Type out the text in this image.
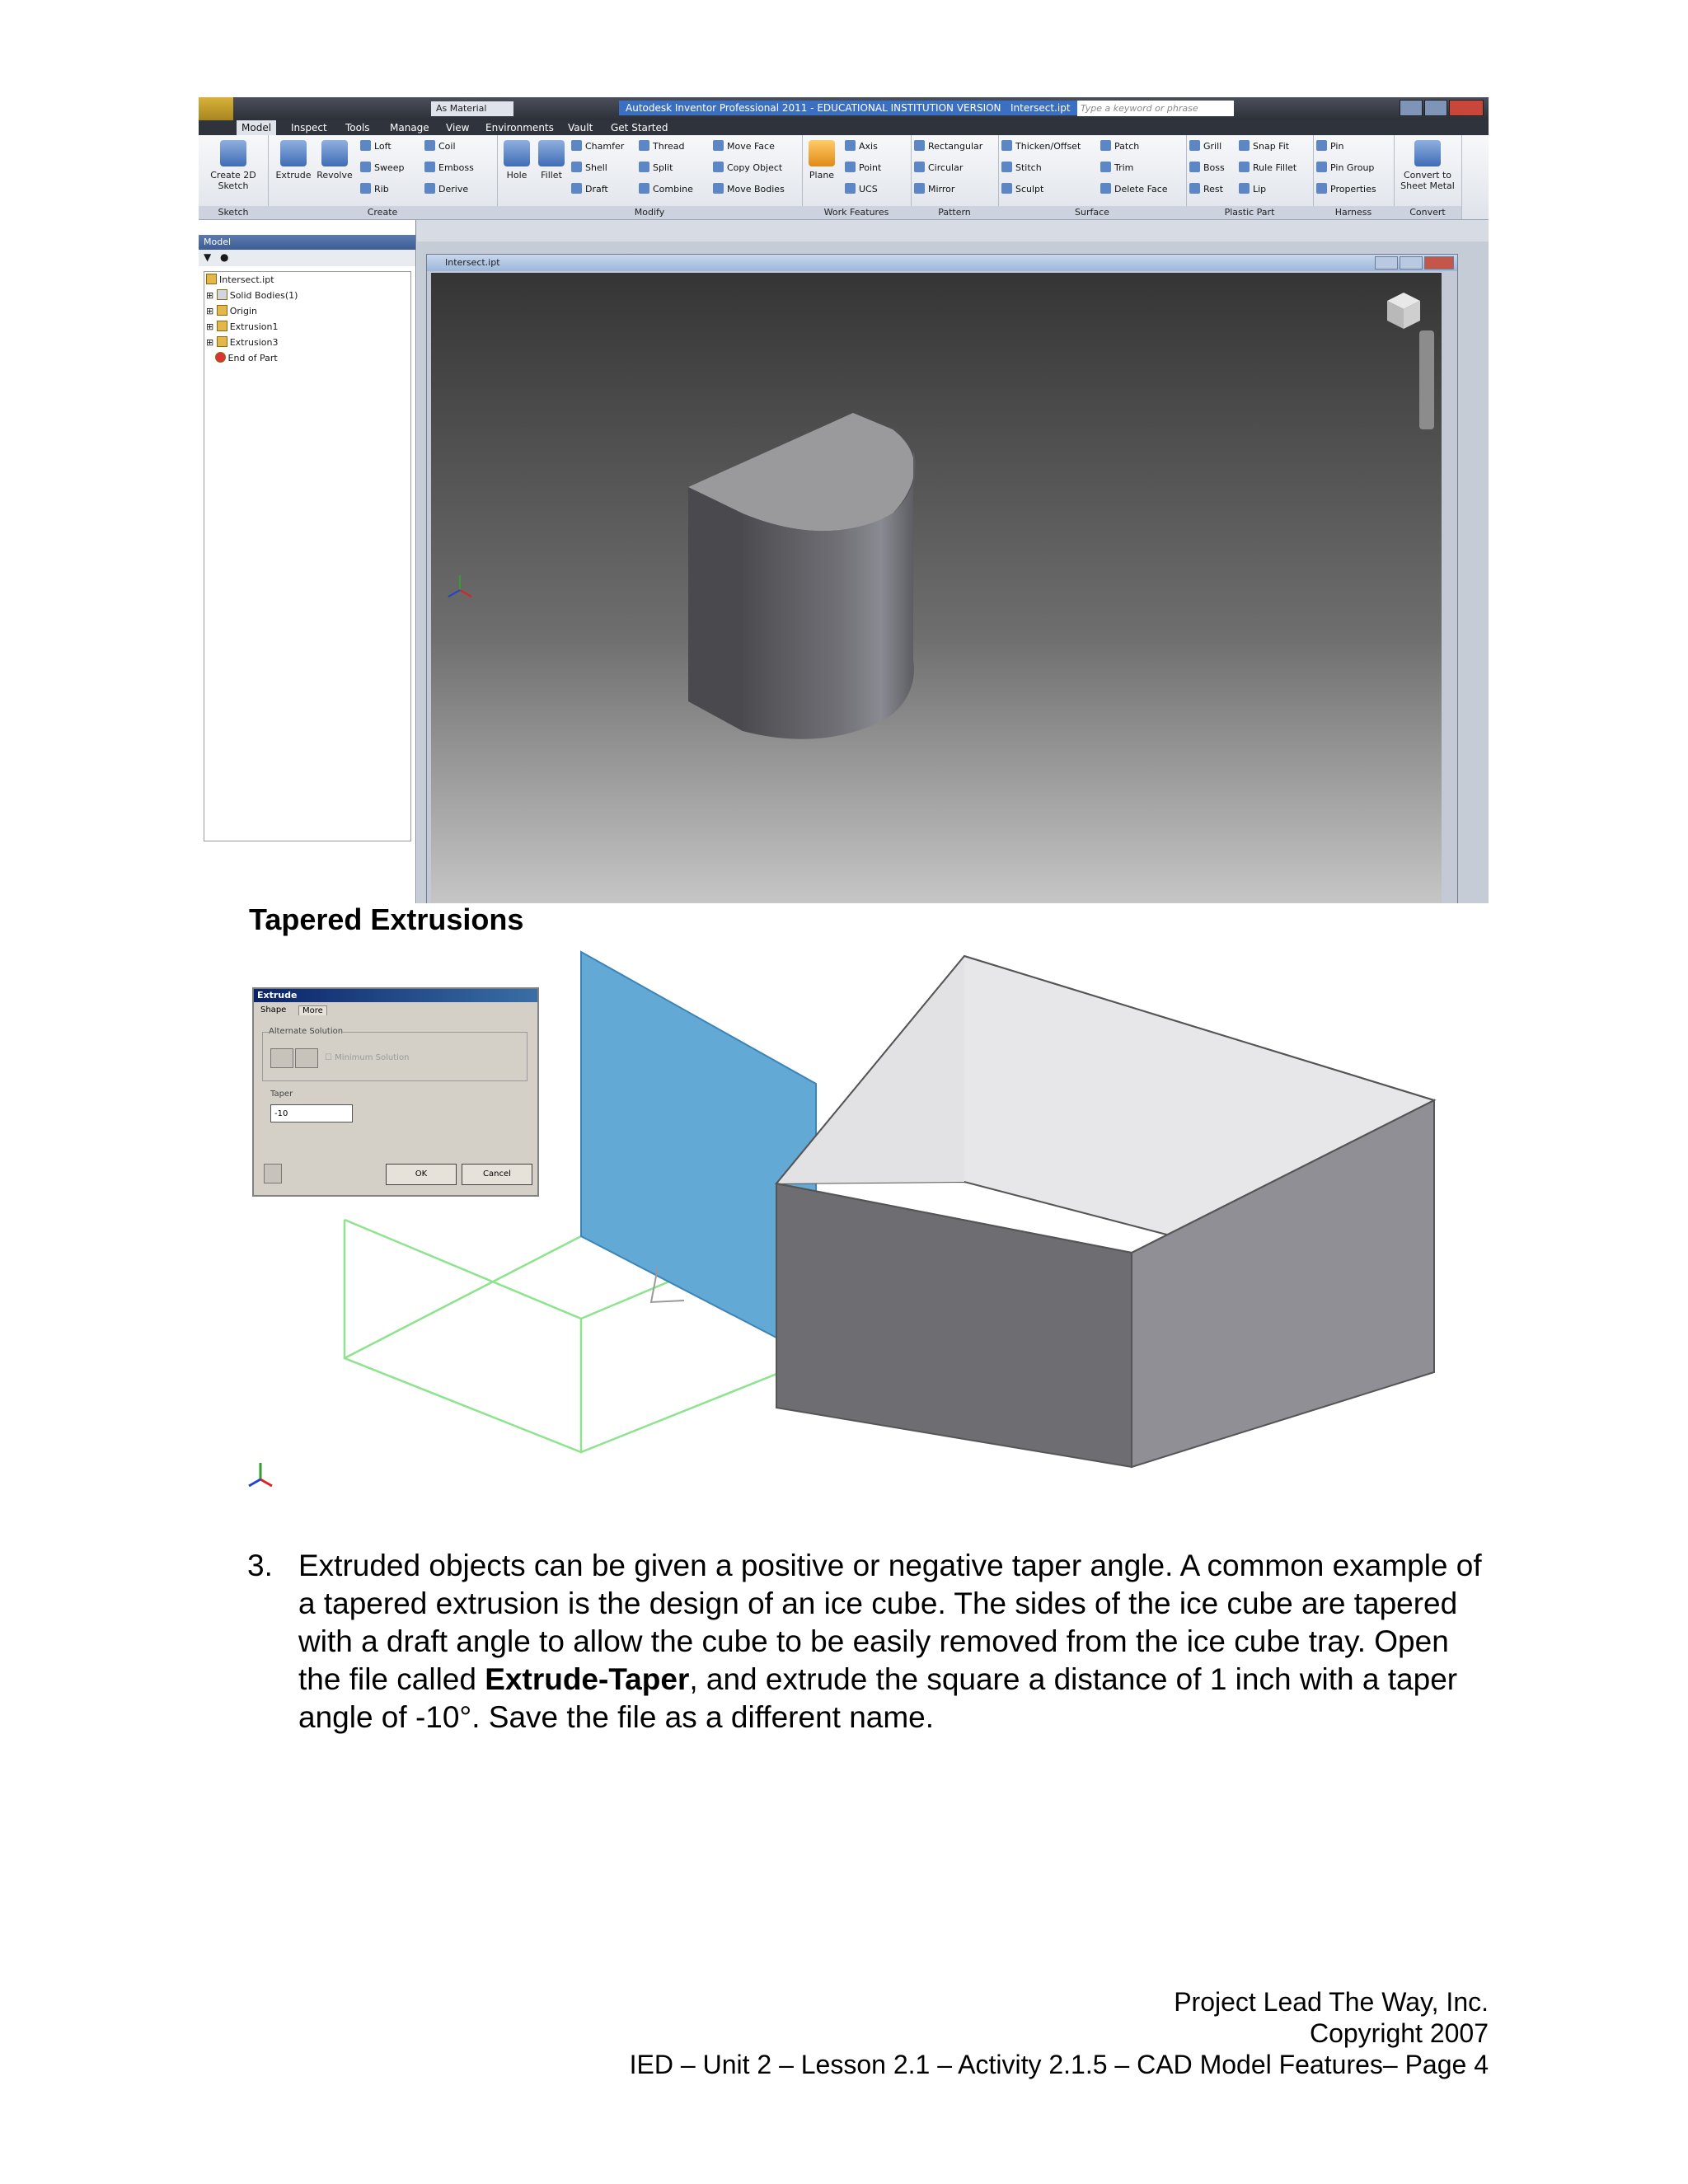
As Material	Autodesk Inventor Professional 2011 - EDUCATIONAL INSTITUTION VERSION Intersect.ipt	Type a keyword or phrase
Model	Inspect Tools Manage View Environments Vault Get Started
Create 2D Sketch
Sketch
Extrude Revolve
Loft
Sweep
Rib
Coil
Emboss
Derive
Create
Hole	Fillet
Chamfer
Shell
Draft
Thread
Split
Combine
Move Face
Copy Object
Move Bodies
Modify
Plane
Axis
Point
UCS
Work Features
Rectangular
Circular
Mirror
Pattern
Thicken/Offset
Stitch
Sculpt
Patch
Trim
Delete Face
Surface
Grill
Boss
Rest
Snap Fit
Rule Fillet
Lip
Plastic Part
Pin
Pin Group
Properties
Harness
Convert to Sheet Metal
Convert
Model
▼ ●
Intersect.ipt
⊞ Solid Bodies(1)
⊞ Origin
⊞ Extrusion1
⊞ Extrusion3
End of Part
Intersect.ipt
Tapered Extrusions
Extrude
Shape	More
Alternate Solution
☐ Minimum Solution
Taper
-10
OK	Cancel
3. Extruded objects can be given a positive or negative taper angle. A common example of a tapered extrusion is the design of an ice cube. The sides of the ice cube are tapered with a draft angle to allow the cube to be easily removed from the ice cube tray. Open the file called Extrude-Taper, and extrude the square a distance of 1 inch with a taper angle of -10°. Save the file as a different name.
Project Lead The Way, Inc.
Copyright 2007
IED – Unit 2 – Lesson 2.1 – Activity 2.1.5 – CAD Model Features– Page 4
